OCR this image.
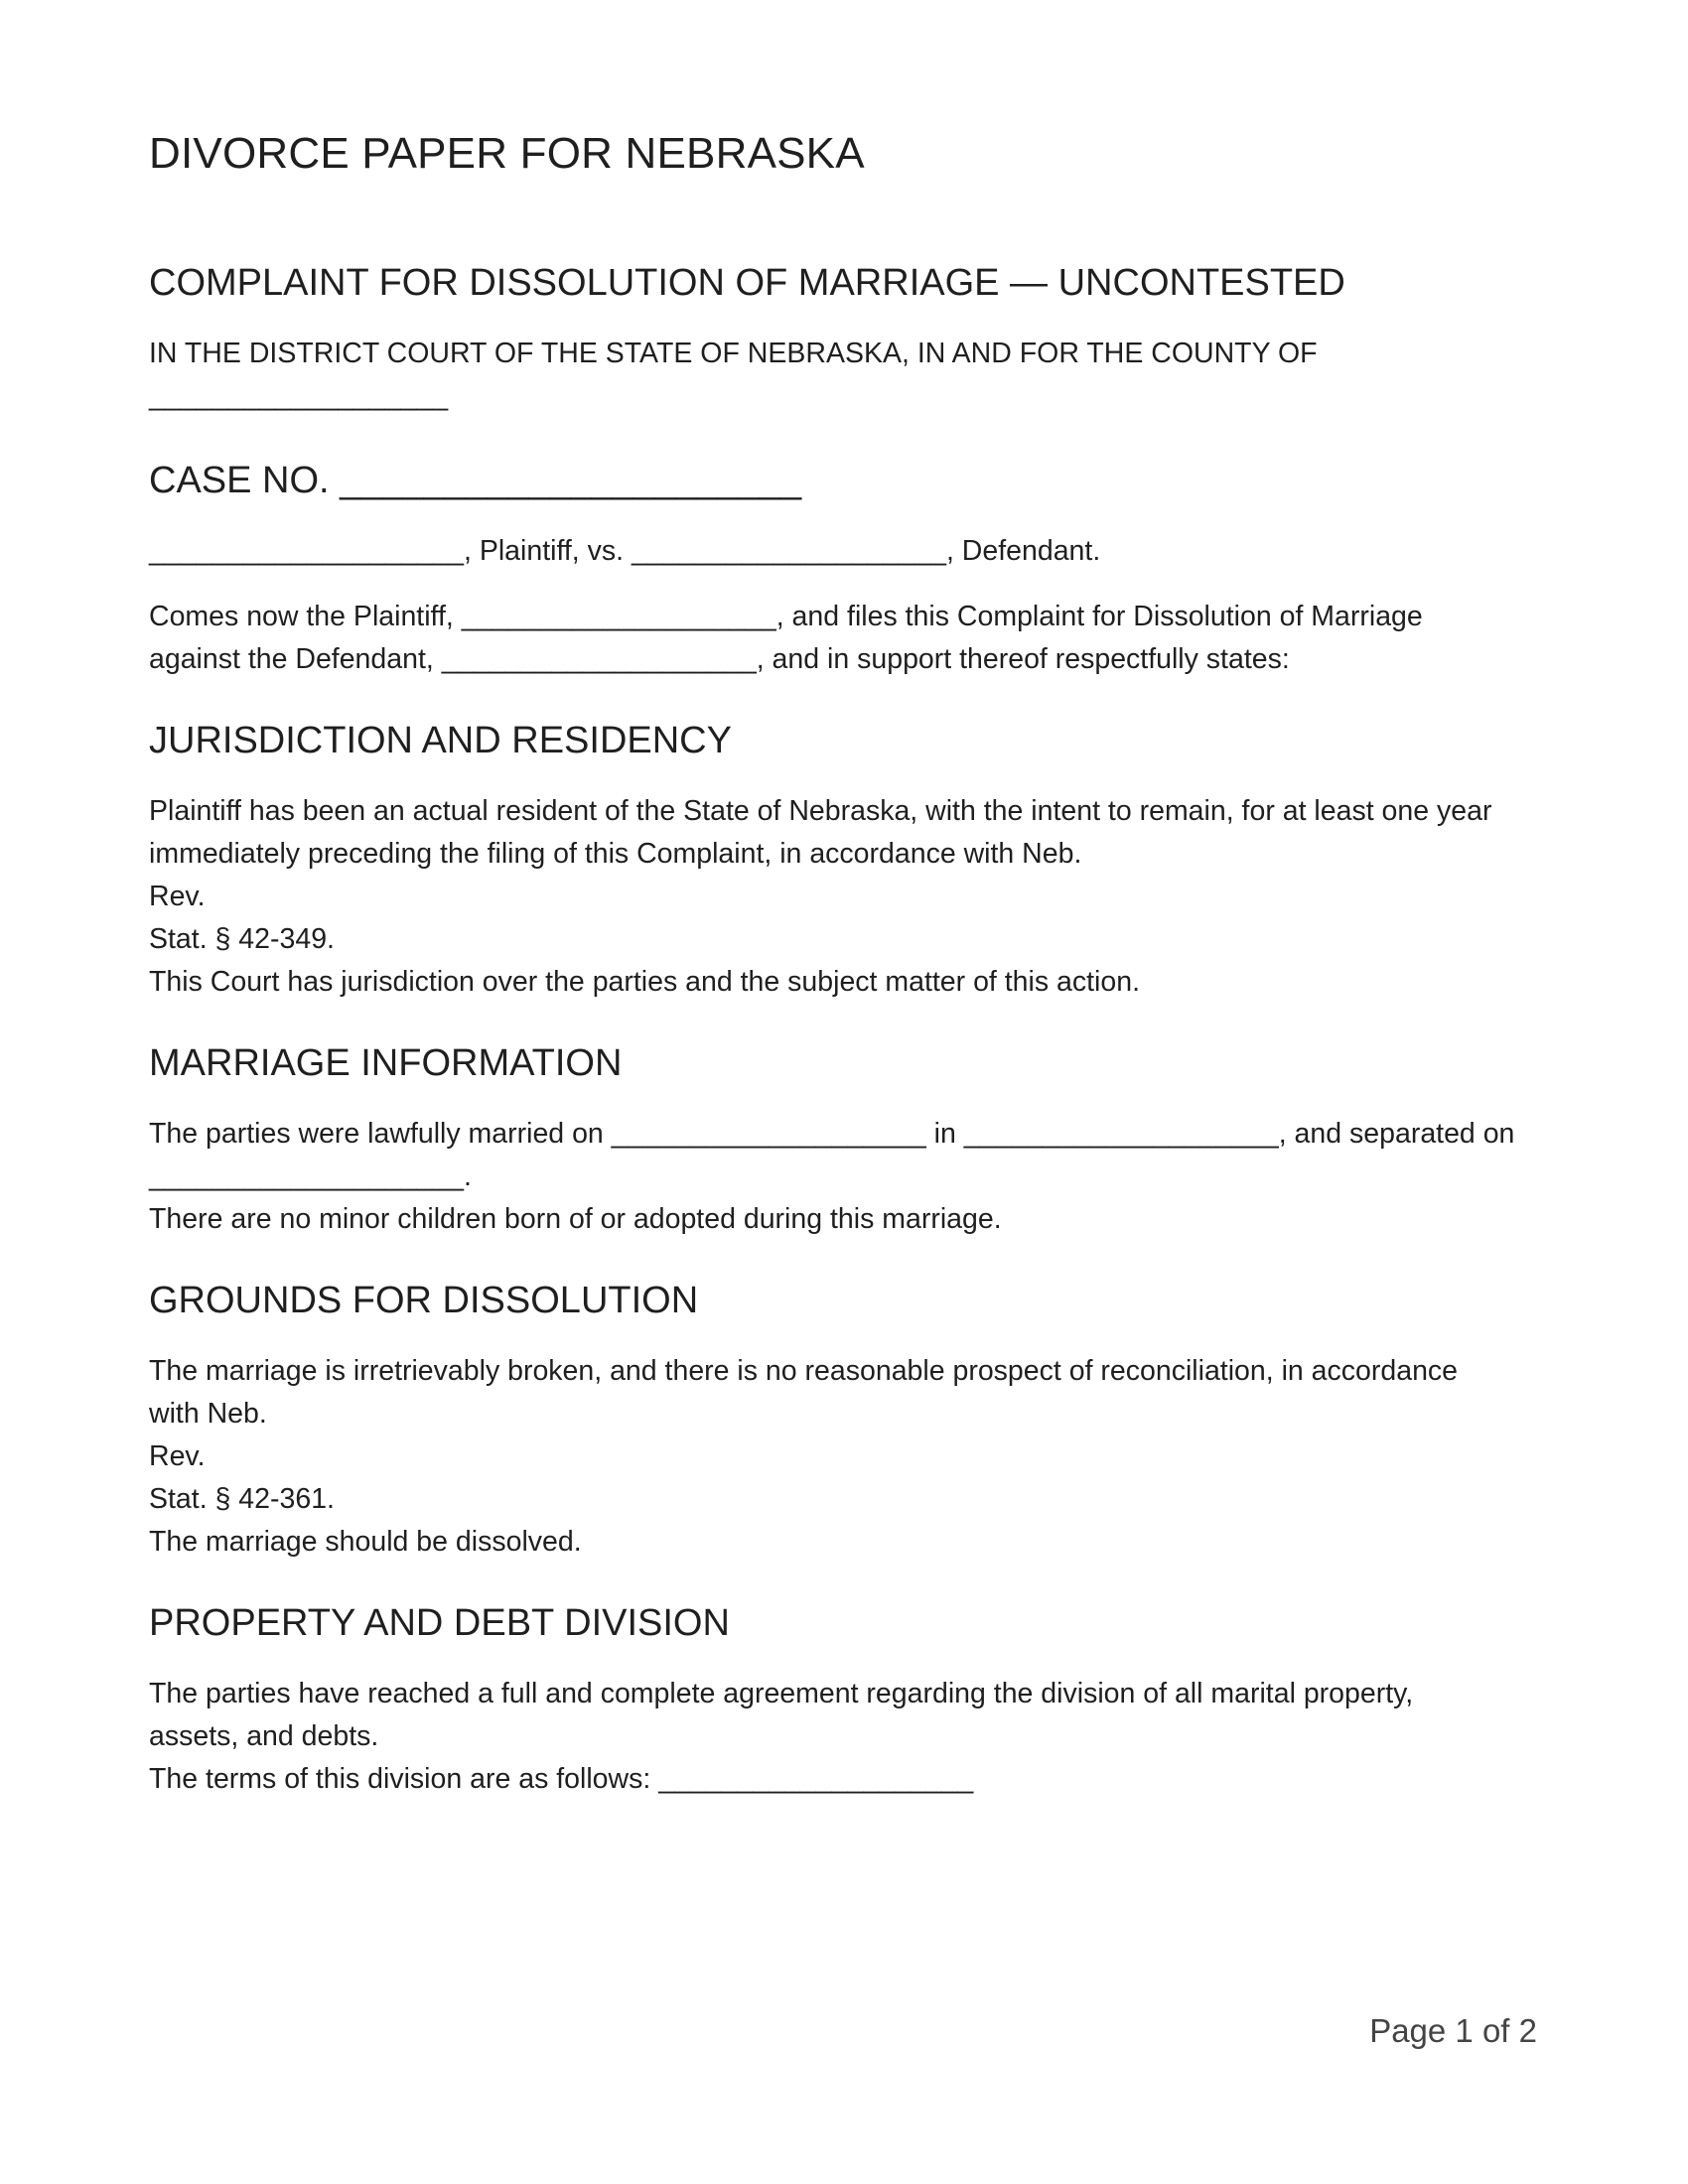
DIVORCE PAPER FOR NEBRASKA
COMPLAINT FOR DISSOLUTION OF MARRIAGE — UNCONTESTED

IN THE DISTRICT COURT OF THE STATE OF NEBRASKA, IN AND FOR THE COUNTY OF

___________________

CASE NO. ______________________

____________________, Plaintiff, vs. ____________________, Defendant.

Comes now the Plaintiff, ____________________, and files this Complaint for Dissolution of Marriage

against the Defendant, ____________________, and in support thereof respectfully states:

JURISDICTION AND RESIDENCY

Plaintiff has been an actual resident of the State of Nebraska, with the intent to remain, for at least one year

immediately preceding the filing of this Complaint, in accordance with Neb.

Rev.

Stat. § 42-349.

This Court has jurisdiction over the parties and the subject matter of this action.

MARRIAGE INFORMATION

The parties were lawfully married on ____________________ in ____________________, and separated on

____________________.

There are no minor children born of or adopted during this marriage.

GROUNDS FOR DISSOLUTION

The marriage is irretrievably broken, and there is no reasonable prospect of reconciliation, in accordance

with Neb.

Rev.

Stat. § 42-361.

The marriage should be dissolved.

PROPERTY AND DEBT DIVISION

The parties have reached a full and complete agreement regarding the division of all marital property,

assets, and debts.

The terms of this division are as follows: ____________________

Page 1 of 2
